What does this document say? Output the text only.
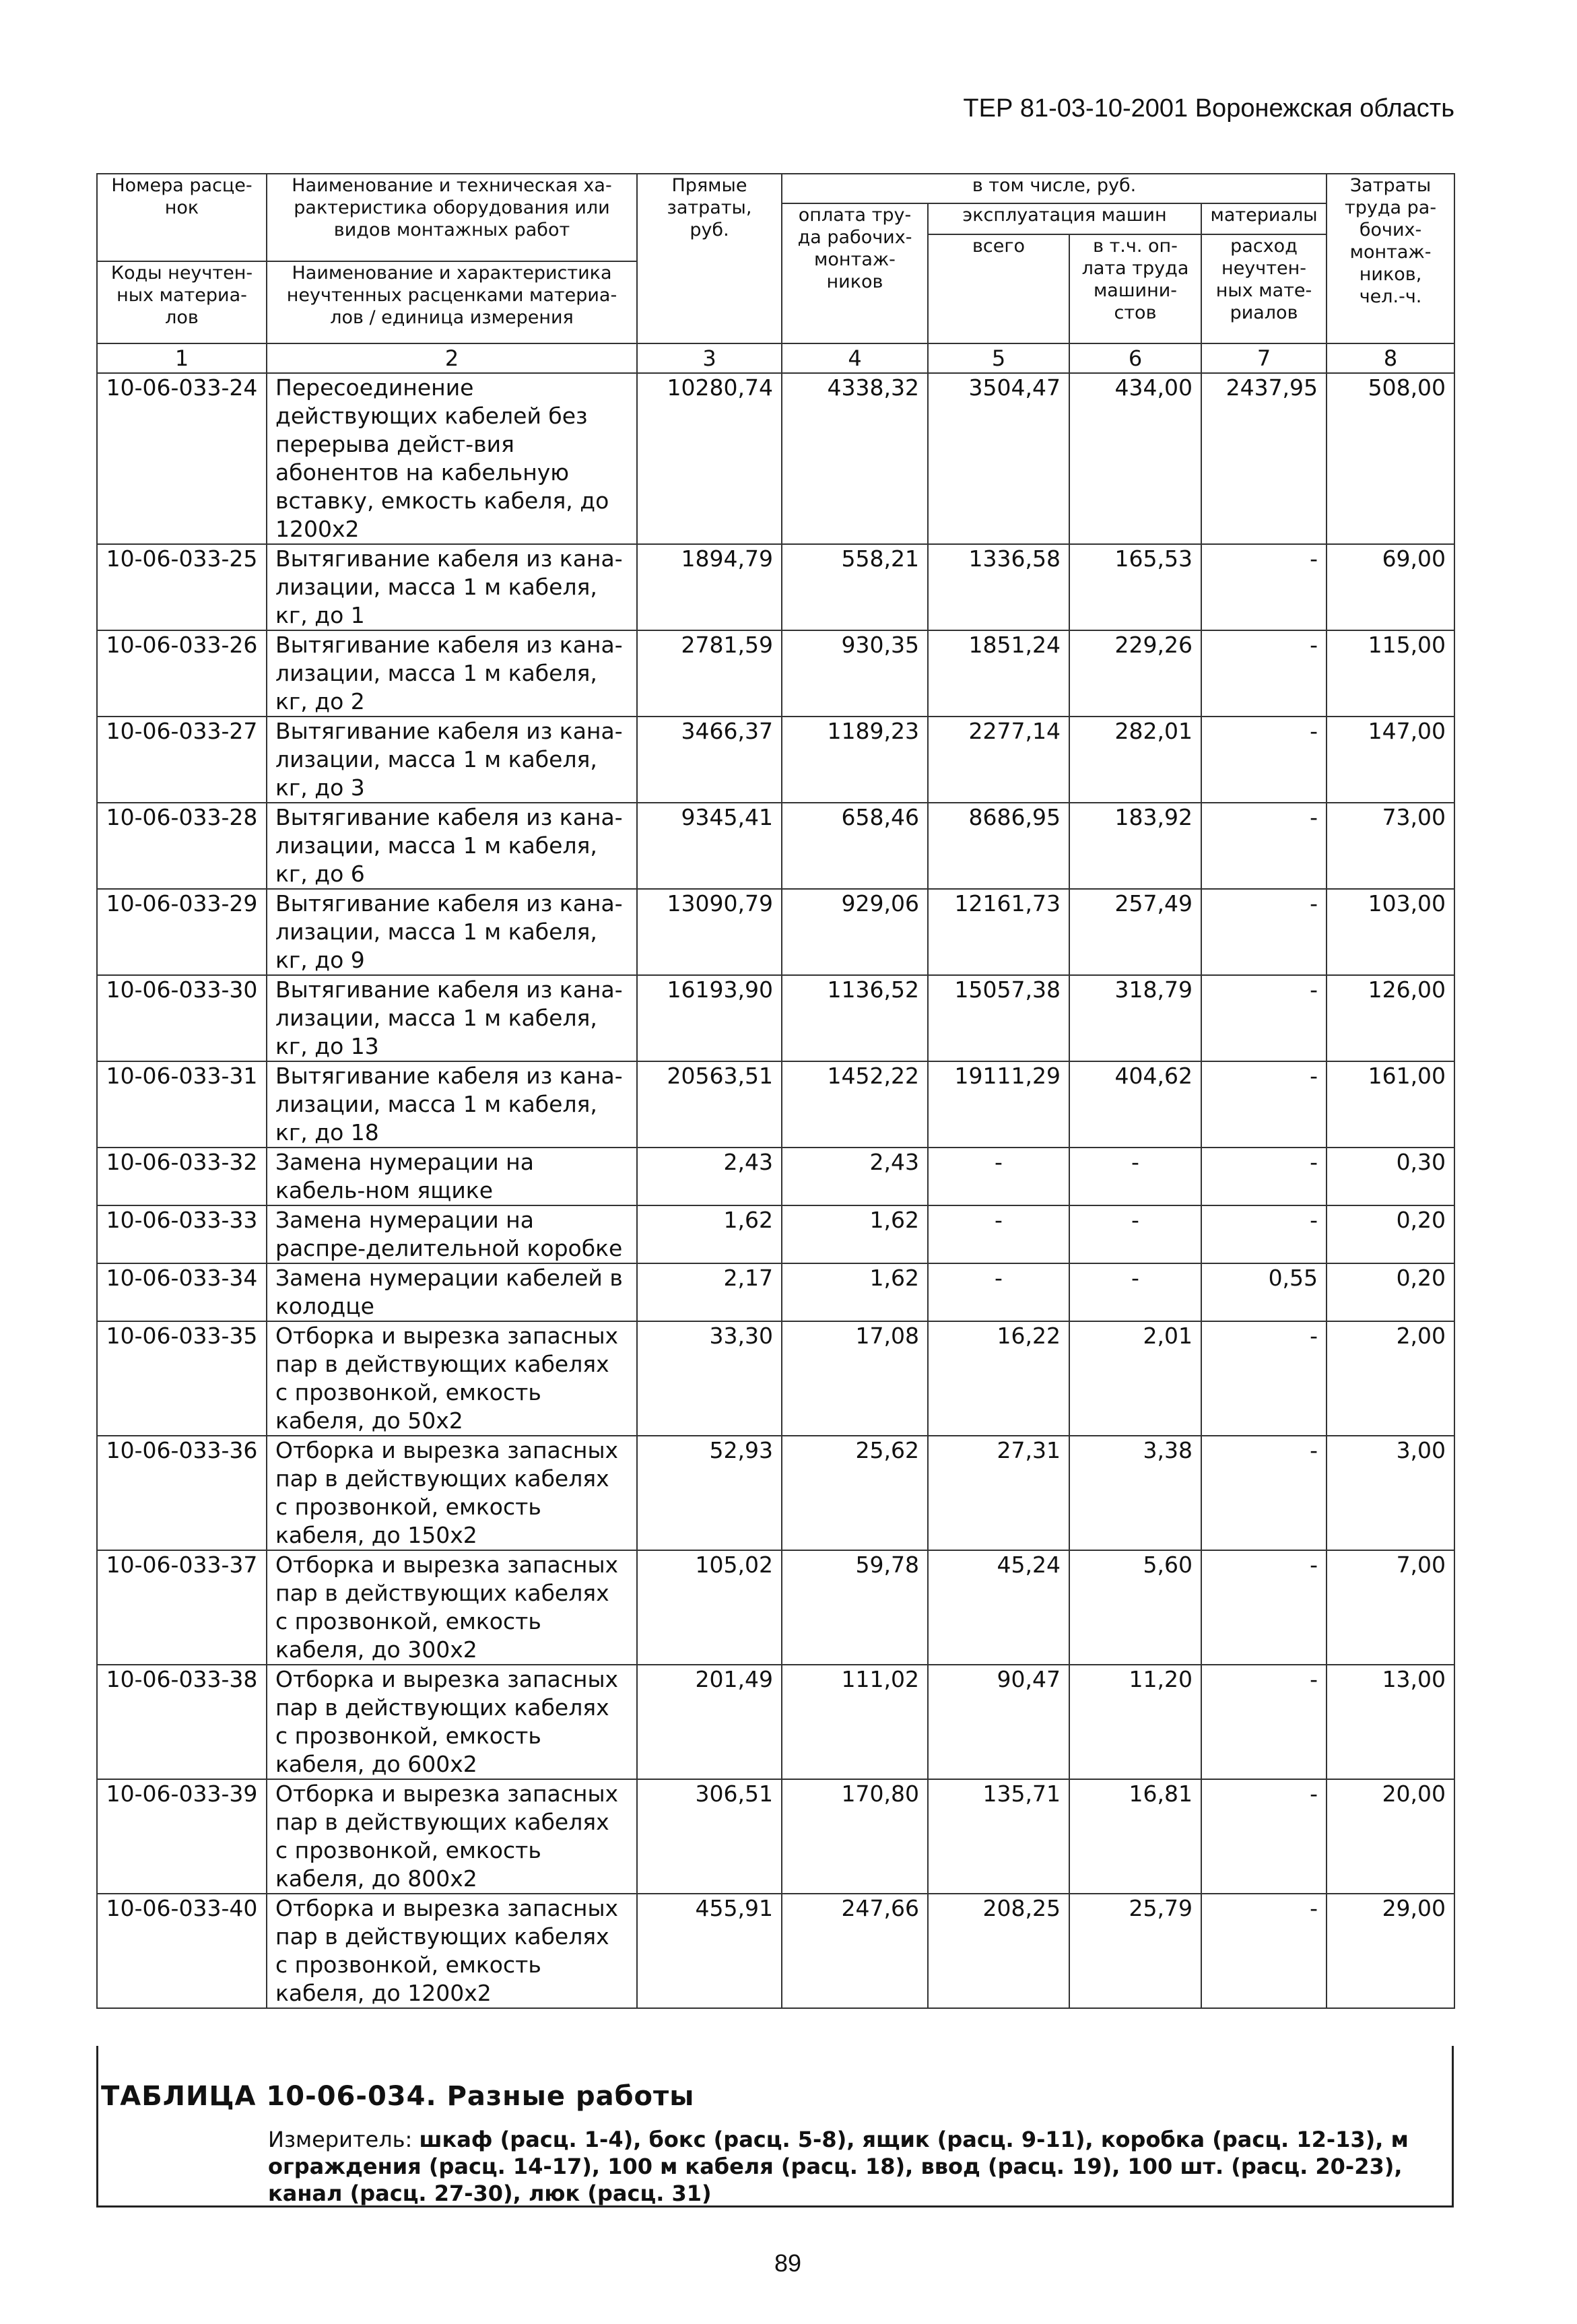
ТЕР 81-03-10-2001 Воронежская область
Номера расце-нок	Наименование и техническая ха-рактеристика оборудования или видов монтажных работ	Прямые затраты, руб.	в том числе, руб.				Затраты труда ра-бочих-монтаж-ников, чел.-ч.
			оплата тру-да рабочих-монтаж-ников	эксплуатация машин		материалы	
				всего	в т.ч. оп-лата труда машини-стов	расход неучтен-ных мате-риалов	
Коды неучтен-ных материа-лов	Наименование и характеристика неучтенных расценками материа-лов / единица измерения						

1	2	3	4	5	6	7	8
10-06-033-24	Пересоединение действующих кабелей без перерыва дейст-вия абонентов на кабельную вставку, емкость кабеля, до 1200х2	10280,74	4338,32	3504,47	434,00	2437,95	508,00
10-06-033-25	Вытягивание кабеля из кана-лизации, масса 1 м кабеля, кг, до 1	1894,79	558,21	1336,58	165,53	-	69,00
10-06-033-26	Вытягивание кабеля из кана-лизации, масса 1 м кабеля, кг, до 2	2781,59	930,35	1851,24	229,26	-	115,00
10-06-033-27	Вытягивание кабеля из кана-лизации, масса 1 м кабеля, кг, до 3	3466,37	1189,23	2277,14	282,01	-	147,00
10-06-033-28	Вытягивание кабеля из кана-лизации, масса 1 м кабеля, кг, до 6	9345,41	658,46	8686,95	183,92	-	73,00
10-06-033-29	Вытягивание кабеля из кана-лизации, масса 1 м кабеля, кг, до 9	13090,79	929,06	12161,73	257,49	-	103,00
10-06-033-30	Вытягивание кабеля из кана-лизации, масса 1 м кабеля, кг, до 13	16193,90	1136,52	15057,38	318,79	-	126,00
10-06-033-31	Вытягивание кабеля из кана-лизации, масса 1 м кабеля, кг, до 18	20563,51	1452,22	19111,29	404,62	-	161,00
10-06-033-32	Замена нумерации на кабель-ном ящике	2,43	2,43	-	-	-	0,30
10-06-033-33	Замена нумерации на распре-делительной коробке	1,62	1,62	-	-	-	0,20
10-06-033-34	Замена нумерации кабелей в колодце	2,17	1,62	-	-	0,55	0,20
10-06-033-35	Отборка и вырезка запасных пар в действующих кабелях с прозвонкой, емкость кабеля, до 50х2	33,30	17,08	16,22	2,01	-	2,00
10-06-033-36	Отборка и вырезка запасных пар в действующих кабелях с прозвонкой, емкость кабеля, до 150х2	52,93	25,62	27,31	3,38	-	3,00
10-06-033-37	Отборка и вырезка запасных пар в действующих кабелях с прозвонкой, емкость кабеля, до 300х2	105,02	59,78	45,24	5,60	-	7,00
10-06-033-38	Отборка и вырезка запасных пар в действующих кабелях с прозвонкой, емкость кабеля, до 600х2	201,49	111,02	90,47	11,20	-	13,00
10-06-033-39	Отборка и вырезка запасных пар в действующих кабелях с прозвонкой, емкость кабеля, до 800х2	306,51	170,80	135,71	16,81	-	20,00
10-06-033-40	Отборка и вырезка запасных пар в действующих кабелях с прозвонкой, емкость кабеля, до 1200х2	455,91	247,66	208,25	25,79	-	29,00
ТАБЛИЦА 10-06-034. Разные работы
Измеритель: шкаф (расц. 1-4), бокс (расц. 5-8), ящик (расц. 9-11), коробка (расц. 12-13), м ограждения (расц. 14-17), 100 м кабеля (расц. 18), ввод (расц. 19), 100 шт. (расц. 20-23), канал (расц. 27-30), люк (расц. 31)
89
